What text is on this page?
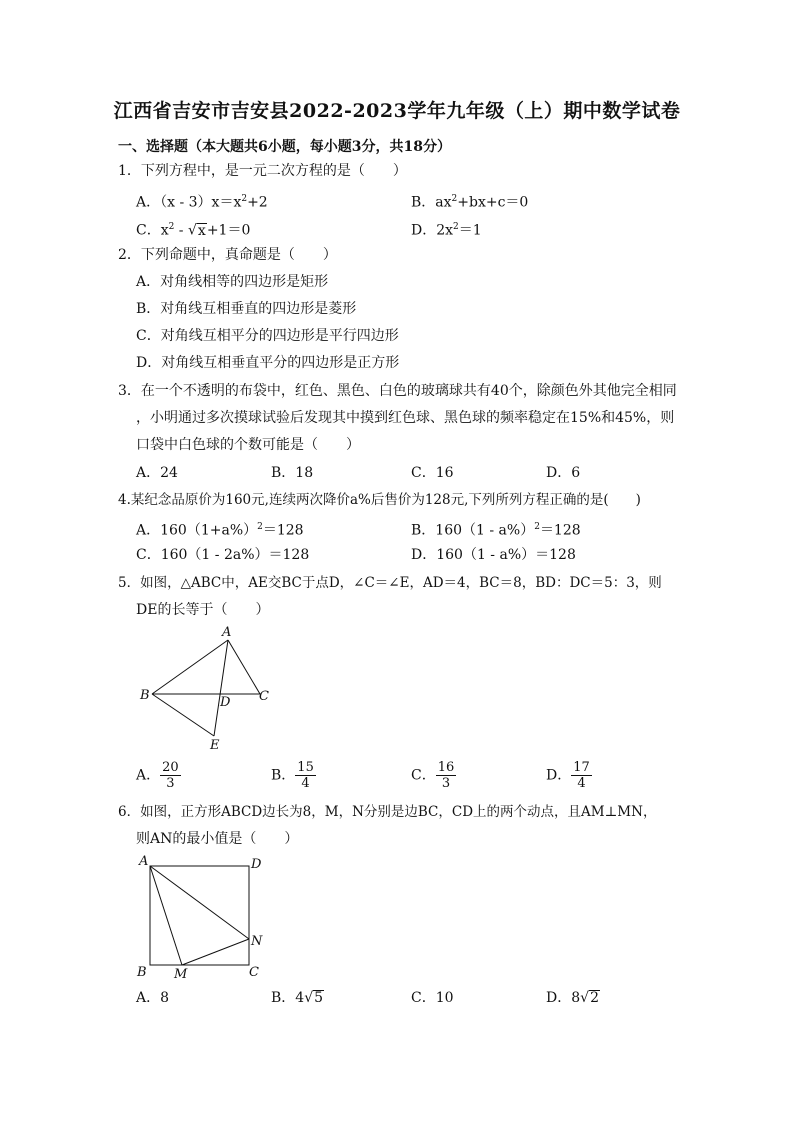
江西省吉安市吉安县2022-2023学年九年级（上）期中数学试卷
一、选择题（本大题共6小题，每小题3分，共18分）
1．下列方程中，是一元二次方程的是（　　）
A．$(x - 3)x=x^2+2$	B．$ax^2+bx+c=0$
C．$x^2 - √x+1=0$	D．$2x^2=1$
2．下列命题中，真命题是（　　）
A．对角线相等的四边形是矩形
B．对角线互相垂直的四边形是菱形
C．对角线互相平分的四边形是平行四边形
D．对角线互相垂直平分的四边形是正方形
3．在一个不透明的布袋中，红色、黑色、白色的玻璃球共有40个，除颜色外其他完全相同
，小明通过多次摸球试验后发现其中摸到红色球、黑色球的频率稳定在15%和45%，则
口袋中白色球的个数可能是（　　）
A．24	B．18	C．16	D．6
4.某纪念品原价为160元,连续两次降价a%后售价为128元,下列所列方程正确的是(　　)
A．$160(1+a\%)^2=128$	B．160（1 - a%）$^2$＝128
C．160（1 - 2a%）＝128	D．160（1 - a%）＝128
5．如图，△ABC中，AE交BC于点D，∠C＝∠E，AD＝4，BC＝8，BD：DC＝5：3，则
DE的长等于（　　）
A
B	C
D
E
A． $\frac{20}{3}$	B． $\frac{15}{4}$	C． $\frac{16}{3}$	D． $\frac{17}{4}$
6．如图，正方形ABCD边长为8，M，N分别是边BC，CD上的两个动点，且AM⊥MN，
则AN的最小值是（　　）
A	D
N
B M	C
A．8	B．4√5	C．10	D．8√2
